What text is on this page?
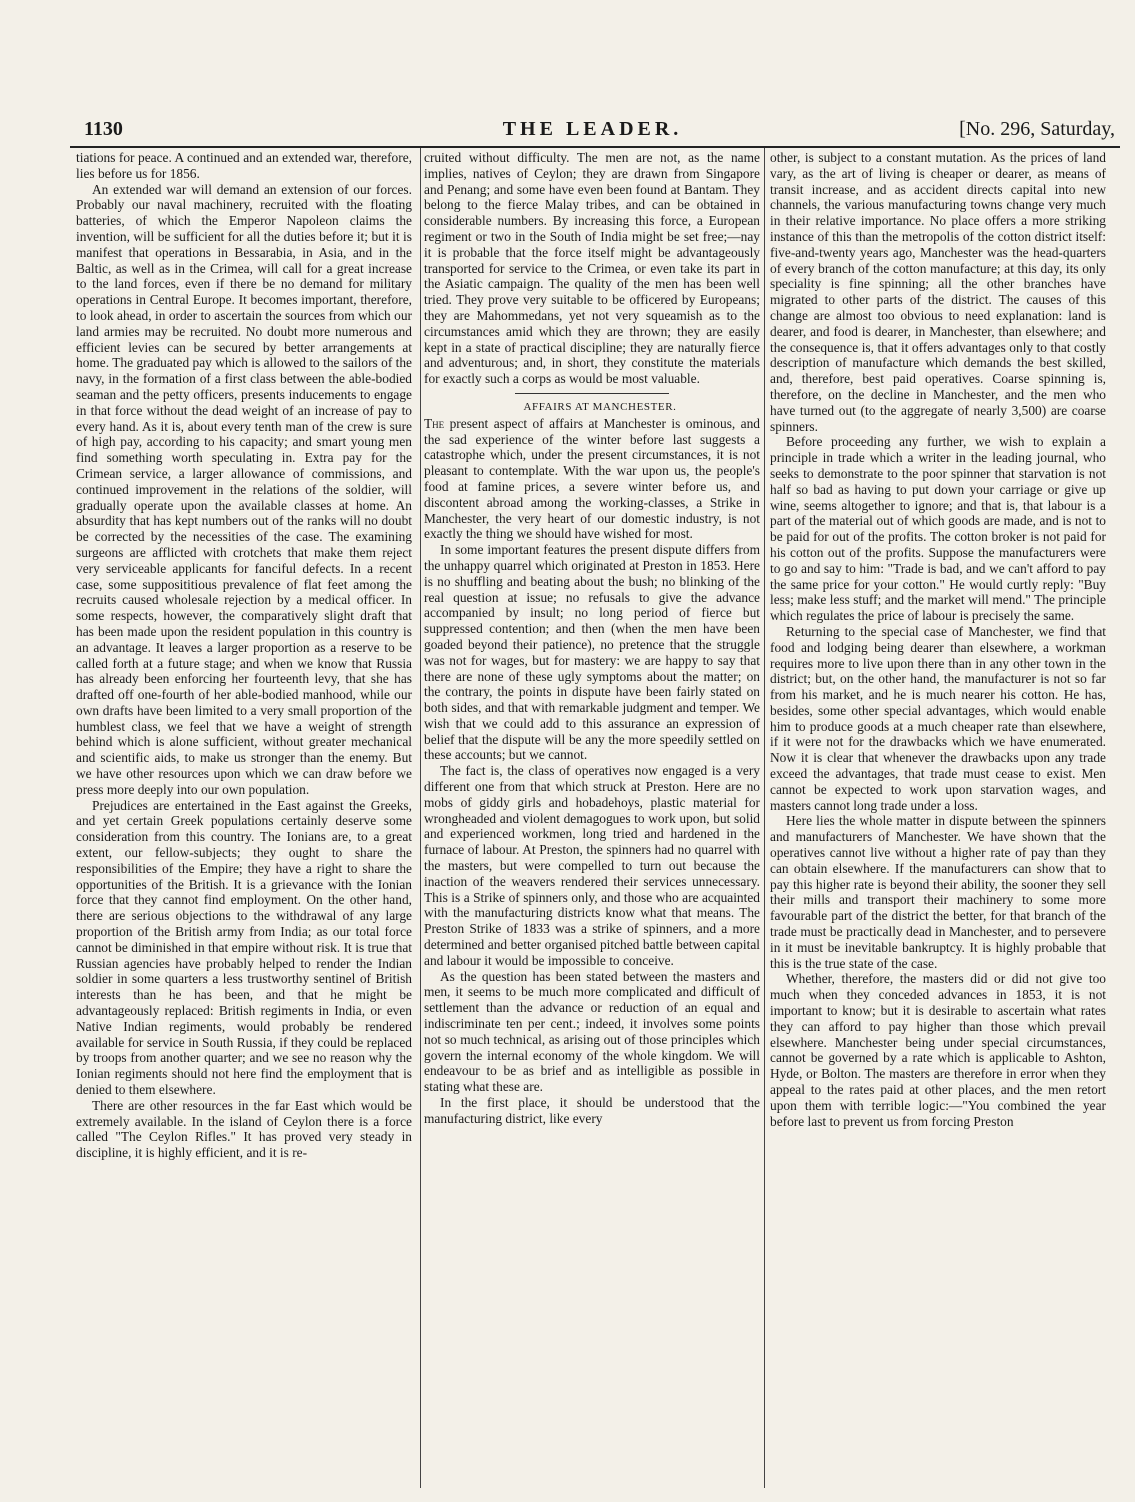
1130	THE LEADER.	[No. 296, Saturday,

tiations for peace. A continued and an extended war, therefore, lies before us for 1856.

An extended war will demand an extension of our forces. Probably our naval machinery, recruited with the floating batteries, of which the Emperor Napoleon claims the invention, will be sufficient for all the duties before it; but it is manifest that operations in Bessarabia, in Asia, and in the Baltic, as well as in the Crimea, will call for a great increase to the land forces, even if there be no demand for military operations in Central Europe. It becomes important, therefore, to look ahead, in order to ascertain the sources from which our land armies may be recruited. No doubt more numerous and efficient levies can be secured by better arrangements at home. The graduated pay which is allowed to the sailors of the navy, in the formation of a first class between the able-bodied seaman and the petty officers, presents inducements to engage in that force without the dead weight of an increase of pay to every hand. As it is, about every tenth man of the crew is sure of high pay, according to his capacity; and smart young men find something worth speculating in. Extra pay for the Crimean service, a larger allowance of commissions, and continued improvement in the relations of the soldier, will gradually operate upon the available classes at home. An absurdity that has kept numbers out of the ranks will no doubt be corrected by the necessities of the case. The examining surgeons are afflicted with crotchets that make them reject very serviceable applicants for fanciful defects. In a recent case, some supposititious prevalence of flat feet among the recruits caused wholesale rejection by a medical officer. In some respects, however, the comparatively slight draft that has been made upon the resident population in this country is an advantage. It leaves a larger proportion as a reserve to be called forth at a future stage; and when we know that Russia has already been enforcing her fourteenth levy, that she has drafted off one-fourth of her able-bodied manhood, while our own drafts have been limited to a very small proportion of the humblest class, we feel that we have a weight of strength behind which is alone sufficient, without greater mechanical and scientific aids, to make us stronger than the enemy. But we have other resources upon which we can draw before we press more deeply into our own population.

Prejudices are entertained in the East against the Greeks, and yet certain Greek populations certainly deserve some consideration from this country. The Ionians are, to a great extent, our fellow-subjects; they ought to share the responsibilities of the Empire; they have a right to share the opportunities of the British. It is a grievance with the Ionian force that they cannot find employment. On the other hand, there are serious objections to the withdrawal of any large proportion of the British army from India; as our total force cannot be diminished in that empire without risk. It is true that Russian agencies have probably helped to render the Indian soldier in some quarters a less trustworthy sentinel of British interests than he has been, and that he might be advantageously replaced: British regiments in India, or even Native Indian regiments, would probably be rendered available for service in South Russia, if they could be replaced by troops from another quarter; and we see no reason why the Ionian regiments should not here find the employment that is denied to them elsewhere.

There are other resources in the far East which would be extremely available. In the island of Ceylon there is a force called "The Ceylon Rifles." It has proved very steady in discipline, it is highly efficient, and it is re-

cruited without difficulty. The men are not, as the name implies, natives of Ceylon; they are drawn from Singapore and Penang; and some have even been found at Bantam. They belong to the fierce Malay tribes, and can be obtained in considerable numbers. By increasing this force, a European regiment or two in the South of India might be set free;—nay it is probable that the force itself might be advantageously transported for service to the Crimea, or even take its part in the Asiatic campaign. The quality of the men has been well tried. They prove very suitable to be officered by Europeans; they are Mahommedans, yet not very squeamish as to the circumstances amid which they are thrown; they are easily kept in a state of practical discipline; they are naturally fierce and adventurous; and, in short, they constitute the materials for exactly such a corps as would be most valuable.

AFFAIRS AT MANCHESTER.

The present aspect of affairs at Manchester is ominous, and the sad experience of the winter before last suggests a catastrophe which, under the present circumstances, it is not pleasant to contemplate. With the war upon us, the people's food at famine prices, a severe winter before us, and discontent abroad among the working-classes, a Strike in Manchester, the very heart of our domestic industry, is not exactly the thing we should have wished for most.

In some important features the present dispute differs from the unhappy quarrel which originated at Preston in 1853. Here is no shuffling and beating about the bush; no blinking of the real question at issue; no refusals to give the advance accompanied by insult; no long period of fierce but suppressed contention; and then (when the men have been goaded beyond their patience), no pretence that the struggle was not for wages, but for mastery: we are happy to say that there are none of these ugly symptoms about the matter; on the contrary, the points in dispute have been fairly stated on both sides, and that with remarkable judgment and temper. We wish that we could add to this assurance an expression of belief that the dispute will be any the more speedily settled on these accounts; but we cannot.

The fact is, the class of operatives now engaged is a very different one from that which struck at Preston. Here are no mobs of giddy girls and hobadehoys, plastic material for wrongheaded and violent demagogues to work upon, but solid and experienced workmen, long tried and hardened in the furnace of labour. At Preston, the spinners had no quarrel with the masters, but were compelled to turn out because the inaction of the weavers rendered their services unnecessary. This is a Strike of spinners only, and those who are acquainted with the manufacturing districts know what that means. The Preston Strike of 1833 was a strike of spinners, and a more determined and better organised pitched battle between capital and labour it would be impossible to conceive.

As the question has been stated between the masters and men, it seems to be much more complicated and difficult of settlement than the advance or reduction of an equal and indiscriminate ten per cent.; indeed, it involves some points not so much technical, as arising out of those principles which govern the internal economy of the whole kingdom. We will endeavour to be as brief and as intelligible as possible in stating what these are.

In the first place, it should be understood that the manufacturing district, like every

other, is subject to a constant mutation. As the prices of land vary, as the art of living is cheaper or dearer, as means of transit increase, and as accident directs capital into new channels, the various manufacturing towns change very much in their relative importance. No place offers a more striking instance of this than the metropolis of the cotton district itself: five-and-twenty years ago, Manchester was the head-quarters of every branch of the cotton manufacture; at this day, its only speciality is fine spinning; all the other branches have migrated to other parts of the district. The causes of this change are almost too obvious to need explanation: land is dearer, and food is dearer, in Manchester, than elsewhere; and the consequence is, that it offers advantages only to that costly description of manufacture which demands the best skilled, and, therefore, best paid operatives. Coarse spinning is, therefore, on the decline in Manchester, and the men who have turned out (to the aggregate of nearly 3,500) are coarse spinners.

Before proceeding any further, we wish to explain a principle in trade which a writer in the leading journal, who seeks to demonstrate to the poor spinner that starvation is not half so bad as having to put down your carriage or give up wine, seems altogether to ignore; and that is, that labour is a part of the material out of which goods are made, and is not to be paid for out of the profits. The cotton broker is not paid for his cotton out of the profits. Suppose the manufacturers were to go and say to him: "Trade is bad, and we can't afford to pay the same price for your cotton." He would curtly reply: "Buy less; make less stuff; and the market will mend." The principle which regulates the price of labour is precisely the same.

Returning to the special case of Manchester, we find that food and lodging being dearer than elsewhere, a workman requires more to live upon there than in any other town in the district; but, on the other hand, the manufacturer is not so far from his market, and he is much nearer his cotton. He has, besides, some other special advantages, which would enable him to produce goods at a much cheaper rate than elsewhere, if it were not for the drawbacks which we have enumerated. Now it is clear that whenever the drawbacks upon any trade exceed the advantages, that trade must cease to exist. Men cannot be expected to work upon starvation wages, and masters cannot long trade under a loss.

Here lies the whole matter in dispute between the spinners and manufacturers of Manchester. We have shown that the operatives cannot live without a higher rate of pay than they can obtain elsewhere. If the manufacturers can show that to pay this higher rate is beyond their ability, the sooner they sell their mills and transport their machinery to some more favourable part of the district the better, for that branch of the trade must be practically dead in Manchester, and to persevere in it must be inevitable bankruptcy. It is highly probable that this is the true state of the case.

Whether, therefore, the masters did or did not give too much when they conceded advances in 1853, it is not important to know; but it is desirable to ascertain what rates they can afford to pay higher than those which prevail elsewhere. Manchester being under special circumstances, cannot be governed by a rate which is applicable to Ashton, Hyde, or Bolton. The masters are therefore in error when they appeal to the rates paid at other places, and the men retort upon them with terrible logic:—"You combined the year before last to prevent us from forcing Preston
